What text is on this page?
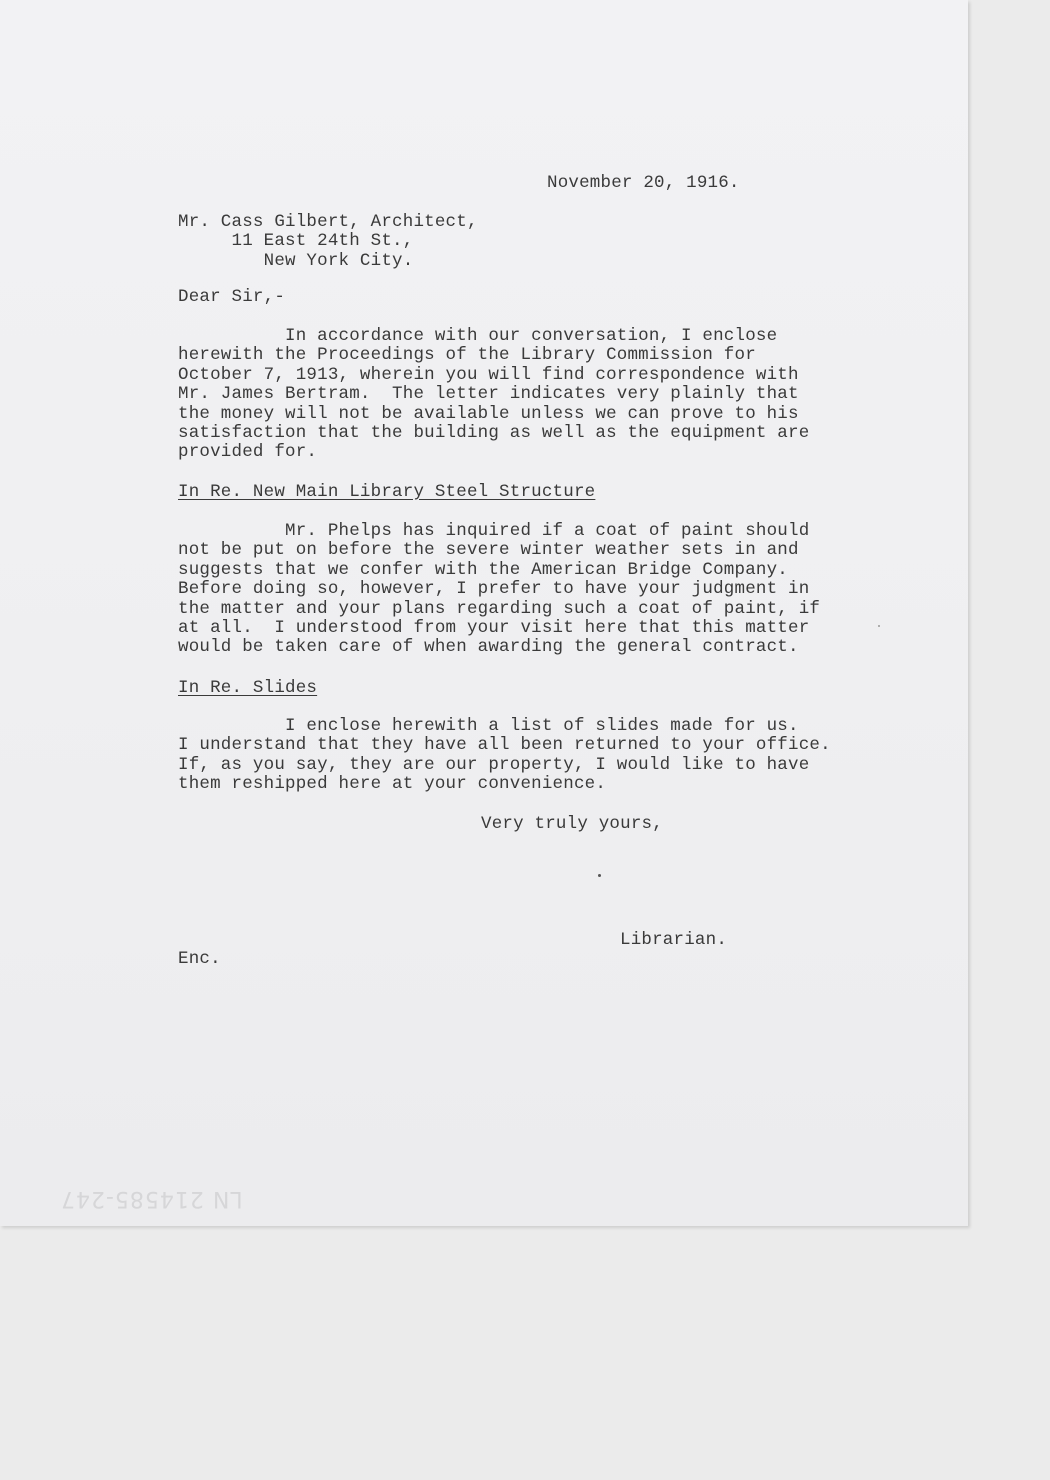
November 20, 1916.

Mr. Cass Gilbert, Architect,
11 East 24th St.,
New York City.

Dear Sir,-

In accordance with our conversation, I enclose
herewith the Proceedings of the Library Commission for
October 7, 1913, wherein you will find correspondence with
Mr. James Bertram.  The letter indicates very plainly that
the money will not be available unless we can prove to his
satisfaction that the building as well as the equipment are
provided for.

In Re. New Main Library Steel Structure

Mr. Phelps has inquired if a coat of paint should
not be put on before the severe winter weather sets in and
suggests that we confer with the American Bridge Company.
Before doing so, however, I prefer to have your judgment in
the matter and your plans regarding such a coat of paint, if
at all.  I understood from your visit here that this matter
would be taken care of when awarding the general contract.

In Re. Slides

I enclose herewith a list of slides made for us.
I understand that they have all been returned to your office.
If, as you say, they are our property, I would like to have
them reshipped here at your convenience.

Very truly yours,

Librarian.

Enc.

LN 214585-247
